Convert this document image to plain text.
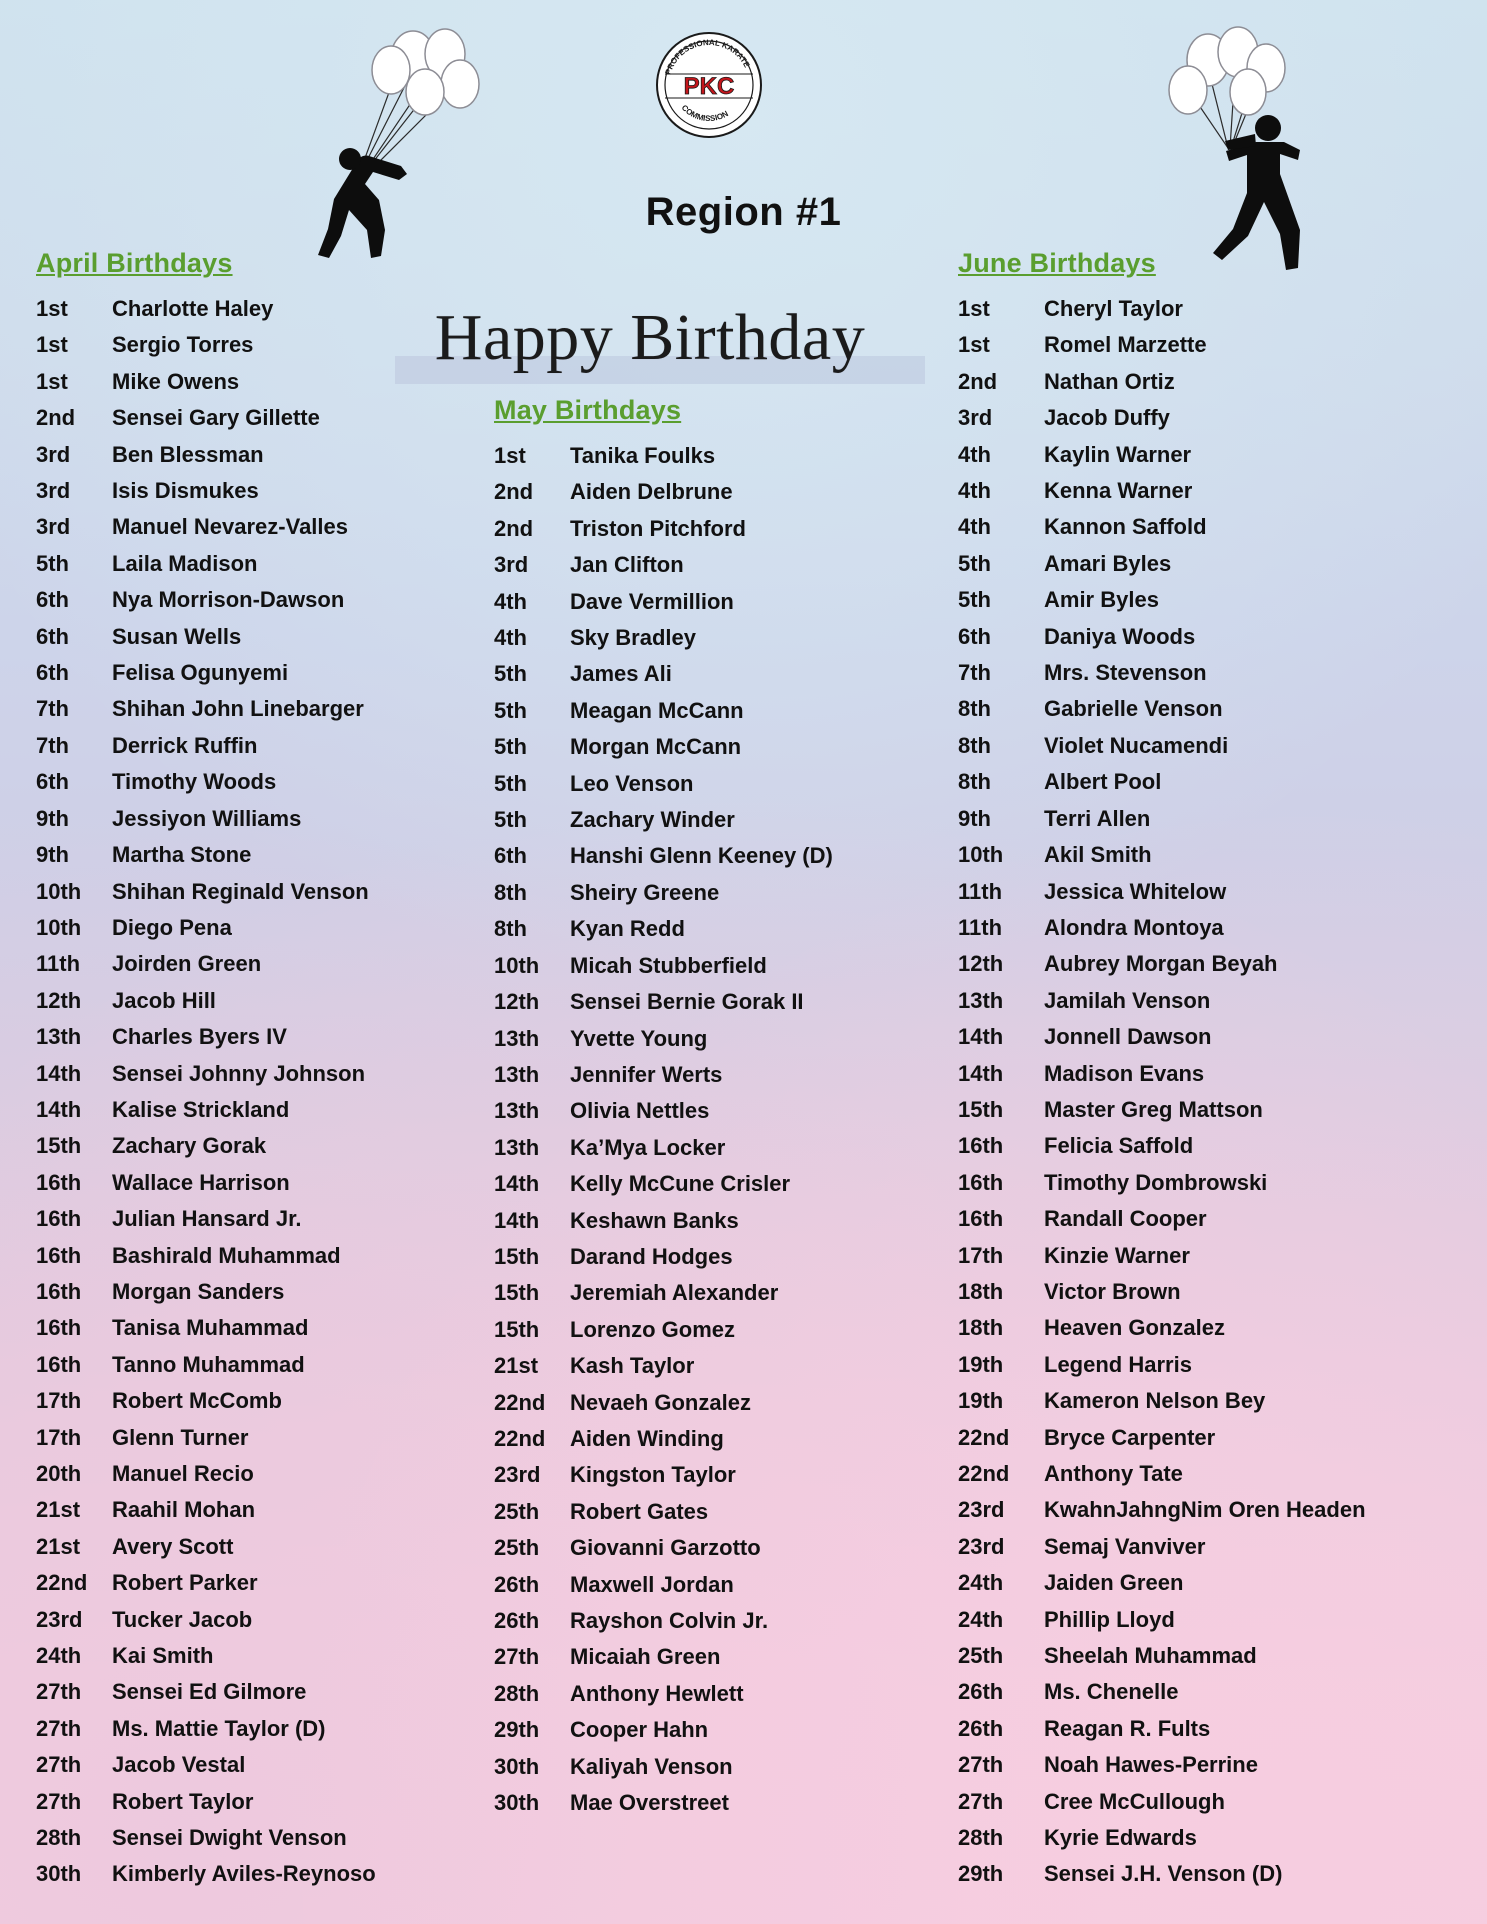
PROFESSIONAL KARATE
COMMISSION
PKC
Region #1
Happy Birthday
April Birthdays
1st	Charlotte Haley
1st	Sergio Torres
1st	Mike Owens
2nd	Sensei Gary Gillette
3rd	Ben Blessman
3rd	Isis Dismukes
3rd	Manuel Nevarez-Valles
5th	Laila Madison
6th	Nya Morrison-Dawson
6th	Susan Wells
6th	Felisa Ogunyemi
7th	Shihan John Linebarger
7th	Derrick Ruffin
6th	Timothy Woods
9th	Jessiyon Williams
9th	Martha Stone
10th	Shihan Reginald Venson
10th	Diego Pena
11th	Joirden Green
12th	Jacob Hill
13th	Charles Byers IV
14th	Sensei Johnny Johnson
14th	Kalise Strickland
15th	Zachary Gorak
16th	Wallace Harrison
16th	Julian Hansard Jr.
16th	Bashirald Muhammad
16th	Morgan Sanders
16th	Tanisa Muhammad
16th	Tanno Muhammad
17th	Robert McComb
17th	Glenn Turner
20th	Manuel Recio
21st	Raahil Mohan
21st	Avery Scott
22nd	Robert Parker
23rd	Tucker Jacob
24th	Kai Smith
27th	Sensei Ed Gilmore
27th	Ms. Mattie Taylor (D)
27th	Jacob Vestal
27th	Robert Taylor
28th	Sensei Dwight Venson
30th	Kimberly Aviles-Reynoso
May Birthdays
1st	Tanika Foulks
2nd	Aiden Delbrune
2nd	Triston Pitchford
3rd	Jan Clifton
4th	Dave Vermillion
4th	Sky Bradley
5th	James Ali
5th	Meagan McCann
5th	Morgan McCann
5th	Leo Venson
5th	Zachary Winder
6th	Hanshi Glenn Keeney (D)
8th	Sheiry Greene
8th	Kyan Redd
10th	Micah Stubberfield
12th	Sensei Bernie Gorak II
13th	Yvette Young
13th	Jennifer Werts
13th	Olivia Nettles
13th	Ka’Mya Locker
14th	Kelly McCune Crisler
14th	Keshawn Banks
15th	Darand Hodges
15th	Jeremiah Alexander
15th	Lorenzo Gomez
21st	Kash Taylor
22nd	Nevaeh Gonzalez
22nd	Aiden Winding
23rd	Kingston Taylor
25th	Robert Gates
25th	Giovanni Garzotto
26th	Maxwell Jordan
26th	Rayshon Colvin Jr.
27th	Micaiah Green
28th	Anthony Hewlett
29th	Cooper Hahn
30th	Kaliyah Venson
30th	Mae Overstreet
June Birthdays
1st	Cheryl Taylor
1st	Romel Marzette
2nd	Nathan Ortiz
3rd	Jacob Duffy
4th	Kaylin Warner
4th	Kenna Warner
4th	Kannon Saffold
5th	Amari Byles
5th	Amir Byles
6th	Daniya Woods
7th	Mrs. Stevenson
8th	Gabrielle Venson
8th	Violet Nucamendi
8th	Albert Pool
9th	Terri Allen
10th	Akil Smith
11th	Jessica Whitelow
11th	Alondra Montoya
12th	Aubrey Morgan Beyah
13th	Jamilah Venson
14th	Jonnell Dawson
14th	Madison Evans
15th	Master Greg Mattson
16th	Felicia Saffold
16th	Timothy Dombrowski
16th	Randall Cooper
17th	Kinzie Warner
18th	Victor Brown
18th	Heaven Gonzalez
19th	Legend Harris
19th	Kameron Nelson Bey
22nd	Bryce Carpenter
22nd	Anthony Tate
23rd	KwahnJahngNim Oren Headen
23rd	Semaj Vanviver
24th	Jaiden Green
24th	Phillip Lloyd
25th	Sheelah Muhammad
26th	Ms. Chenelle
26th	Reagan R. Fults
27th	Noah Hawes-Perrine
27th	Cree McCullough
28th	Kyrie Edwards
29th	Sensei J.H. Venson (D)
